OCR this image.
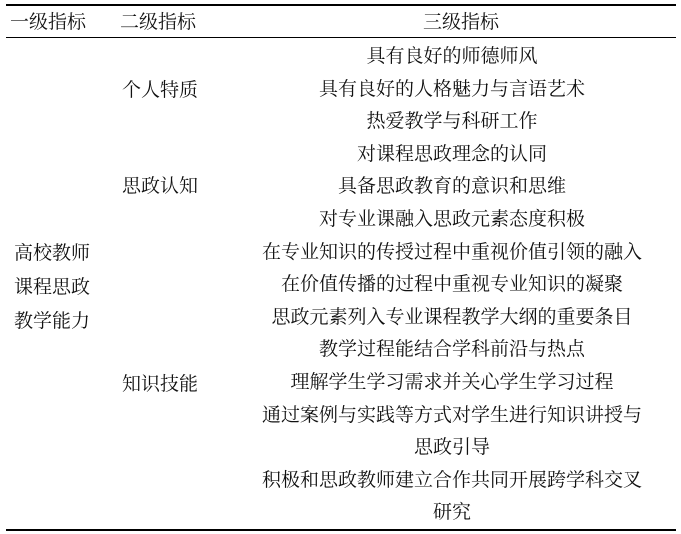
一级指标	二级指标	三级指标
高校教师
课程思政
教学能力
个人特质
思政认知
知识技能
具有良好的师德师风
具有良好的人格魅力与言语艺术
热爱教学与科研工作
对课程思政理念的认同
具备思政教育的意识和思维
对专业课融入思政元素态度积极
在专业知识的传授过程中重视价值引领的融入
在价值传播的过程中重视专业知识的凝聚
思政元素列入专业课程教学大纲的重要条目
教学过程能结合学科前沿与热点
理解学生学习需求并关心学生学习过程
通过案例与实践等方式对学生进行知识讲授与
思政引导
积极和思政教师建立合作共同开展跨学科交叉
研究
